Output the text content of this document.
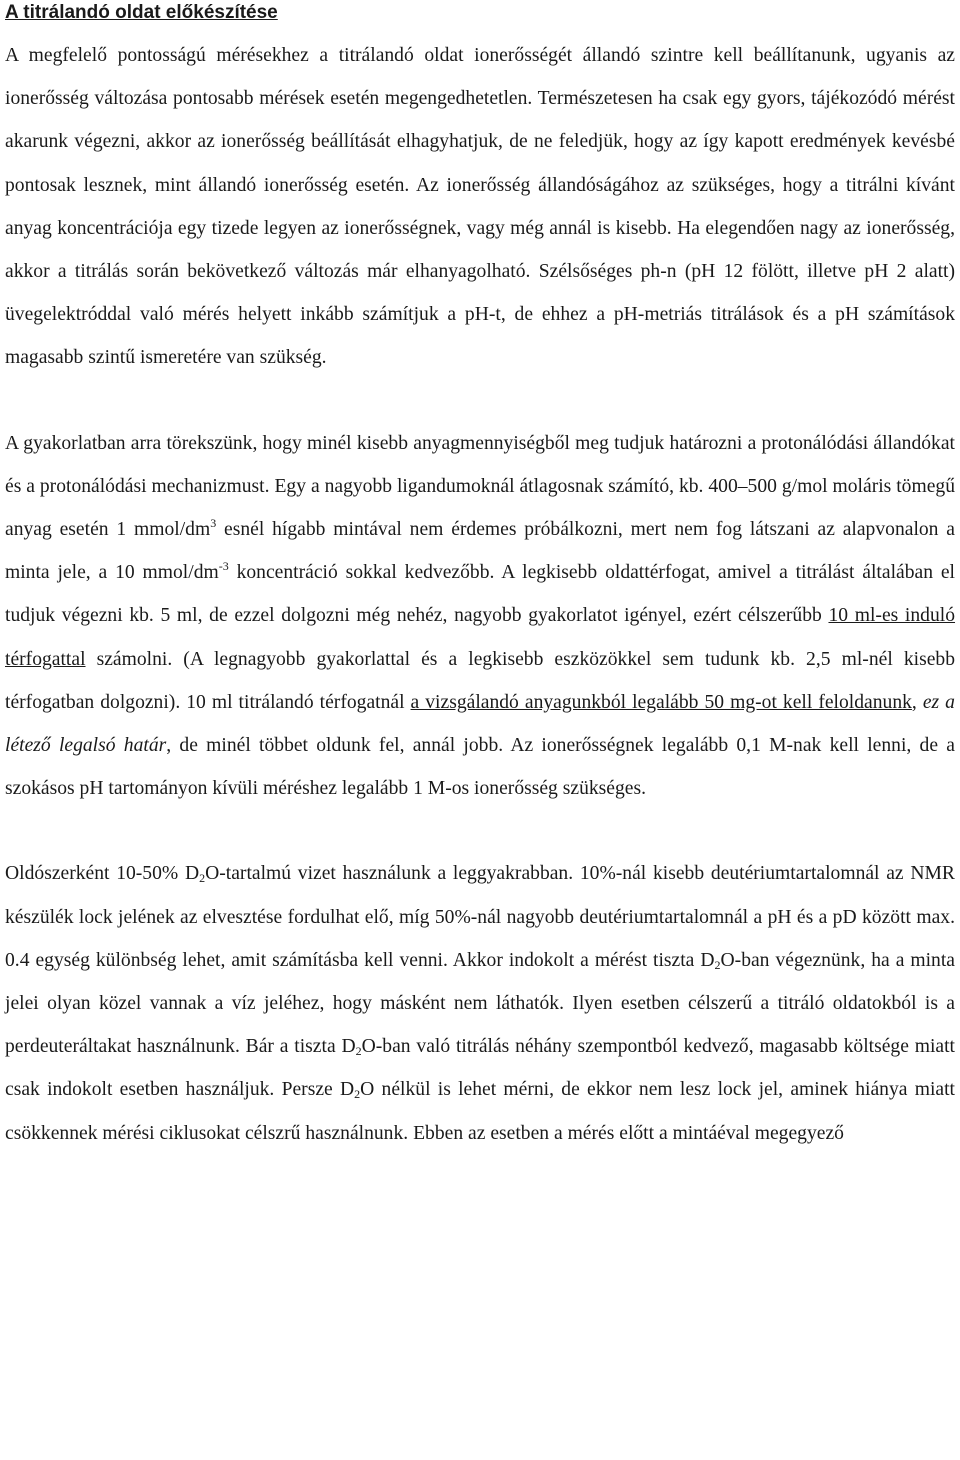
A titrálandó oldat előkészítése

A megfelelő pontosságú mérésekhez a titrálandó oldat ionerősségét állandó szintre kell beállítanunk, ugyanis az ionerősség változása pontosabb mérések esetén megengedhetetlen. Természetesen ha csak egy gyors, tájékozódó mérést akarunk végezni, akkor az ionerősség beállítását elhagyhatjuk, de ne feledjük, hogy az így kapott eredmények kevésbé pontosak lesznek, mint állandó ionerősség esetén. Az ionerősség állandóságához az szükséges, hogy a titrálni kívánt anyag koncentrációja egy tizede legyen az ionerősségnek, vagy még annál is kisebb. Ha elegendően nagy az ionerősség, akkor a titrálás során bekövetkező változás már elhanyagolható. Szélsőséges ph-n (pH 12 fölött, illetve pH 2 alatt) üvegelektróddal való mérés helyett inkább számítjuk a pH-t, de ehhez a pH-metriás titrálások és a pH számítások magasabb szintű ismeretére van szükség.

A gyakorlatban arra törekszünk, hogy minél kisebb anyagmennyiségből meg tudjuk határozni a protonálódási állandókat és a protonálódási mechanizmust. Egy a nagyobb ligandumoknál átlagosnak számító, kb. 400–500 g/mol moláris tömegű anyag esetén 1 mmol/$dm^3$ esnél hígabb mintával nem érdemes próbálkozni, mert nem fog látszani az alapvonalon a minta jele, a 10 mmol/$dm^{-3}$ koncentráció sokkal kedvezőbb. A legkisebb oldattérfogat, amivel a titrálást általában el tudjuk végezni kb. 5 ml, de ezzel dolgozni még nehéz, nagyobb gyakorlatot igényel, ezért célszerűbb 10 ml-es induló térfogattal számolni. (A legnagyobb gyakorlattal és a legkisebb eszközökkel sem tudunk kb. 2,5 ml-nél kisebb térfogatban dolgozni). 10 ml titrálandó térfogatnál a vizsgálandó anyagunkból legalább 50 mg-ot kell feloldanunk, ez a létező legalsó határ, de minél többet oldunk fel, annál jobb. Az ionerősségnek legalább 0,1 M-nak kell lenni, de a szokásos pH tartományon kívüli méréshez legalább 1 M-os ionerősség szükséges.

Oldószerként 10-50% $D_2O$-tartalmú vizet használunk a leggyakrabban. 10%-nál kisebb deutériumtartalomnál az NMR készülék lock jelének az elvesztése fordulhat elő, míg 50%-nál nagyobb deutériumtartalomnál a pH és a pD között max. 0.4 egység különbség lehet, amit számításba kell venni. Akkor indokolt a mérést tiszta $D_2O$-ban végeznünk, ha a minta jelei olyan közel vannak a víz jeléhez, hogy másként nem láthatók. Ilyen esetben célszerű a titráló oldatokból is a perdeuteráltakat használnunk. Bár a tiszta $D_2O$-ban való titrálás néhány szempontból kedvező, magasabb költsége miatt csak indokolt esetben használjuk. Persze $D_2O$ nélkül is lehet mérni, de ekkor nem lesz lock jel, aminek hiánya miatt csökkennek mérési ciklusokat célszrű használnunk. Ebben az esetben a mérés előtt a mintáéval megegyező
